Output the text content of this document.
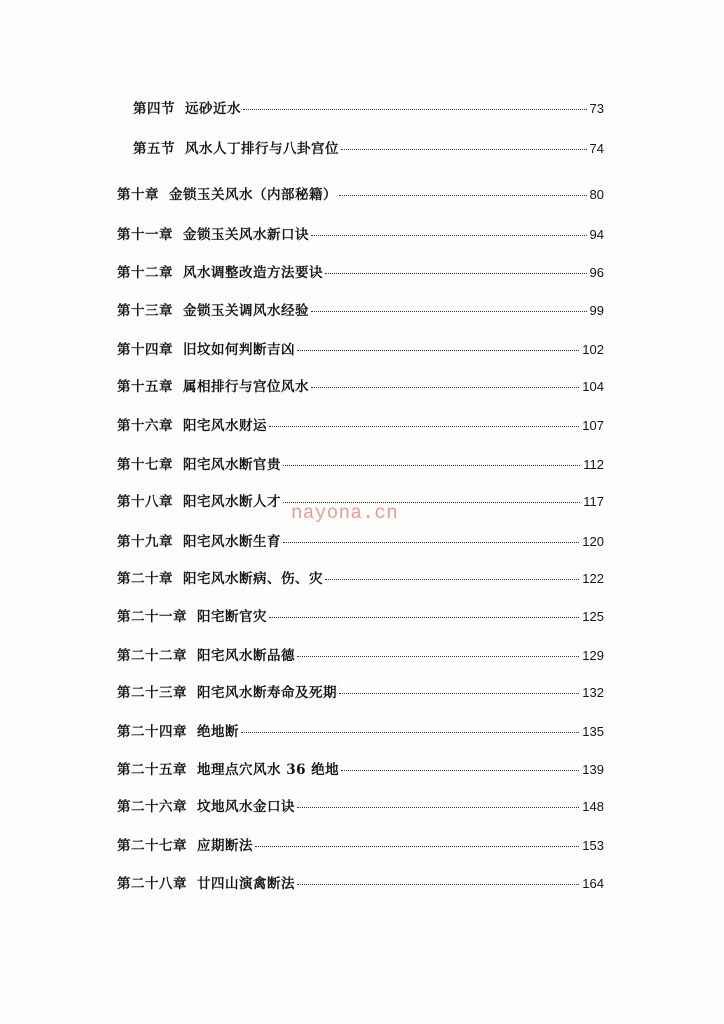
第四节 远砂近水	73
第五节 风水人丁排行与八卦宫位	74
第十章 金锁玉关风水（内部秘籍）	80
第十一章 金锁玉关风水新口诀	94
第十二章 风水调整改造方法要诀	96
第十三章 金锁玉关调风水经验	99
第十四章 旧坟如何判断吉凶	102
第十五章 属相排行与宫位风水	104
第十六章 阳宅风水财运	107
第十七章 阳宅风水断官贵	112
第十八章 阳宅风水断人才	117
第十九章 阳宅风水断生育	120
第二十章 阳宅风水断病、伤、灾	122
第二十一章 阳宅断官灾	125
第二十二章 阳宅风水断品德	129
第二十三章 阳宅风水断寿命及死期	132
第二十四章 绝地断	135
第二十五章 地理点穴风水 36 绝地	139
第二十六章 坟地风水金口诀	148
第二十七章 应期断法	153
第二十八章 廿四山演禽断法	164
nayona.cn
